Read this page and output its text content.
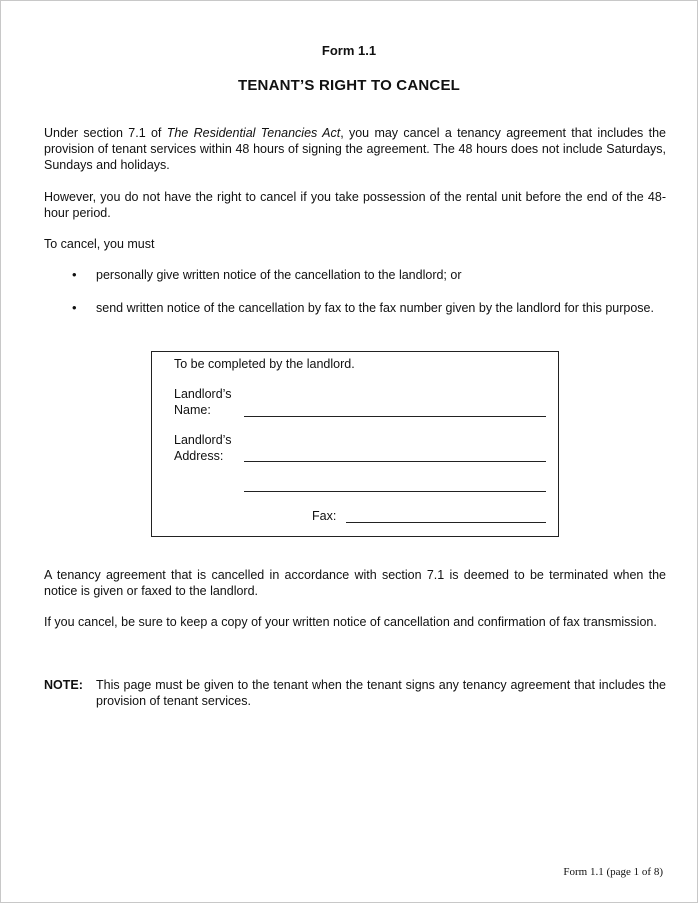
Form 1.1
TENANT’S RIGHT TO CANCEL

Under section 7.1 of The Residential Tenancies Act, you may cancel a tenancy agreement that includes the provision of tenant services within 48 hours of signing the agreement. The 48 hours does not include Saturdays, Sundays and holidays.

However, you do not have the right to cancel if you take possession of the rental unit before the end of the 48-hour period.

To cancel, you must

• personally give written notice of the cancellation to the landlord; or
• send written notice of the cancellation by fax to the fax number given by the landlord for this purpose.
To be completed by the landlord.
Landlord’s
Name:
Landlord’s
Address:
Fax:

A tenancy agreement that is cancelled in accordance with section 7.1 is deemed to be terminated when the notice is given or faxed to the landlord.

If you cancel, be sure to keep a copy of your written notice of cancellation and confirmation of fax transmission.

NOTE: This page must be given to the tenant when the tenant signs any tenancy agreement that includes the provision of tenant services.
Form 1.1 (page 1 of 8)
